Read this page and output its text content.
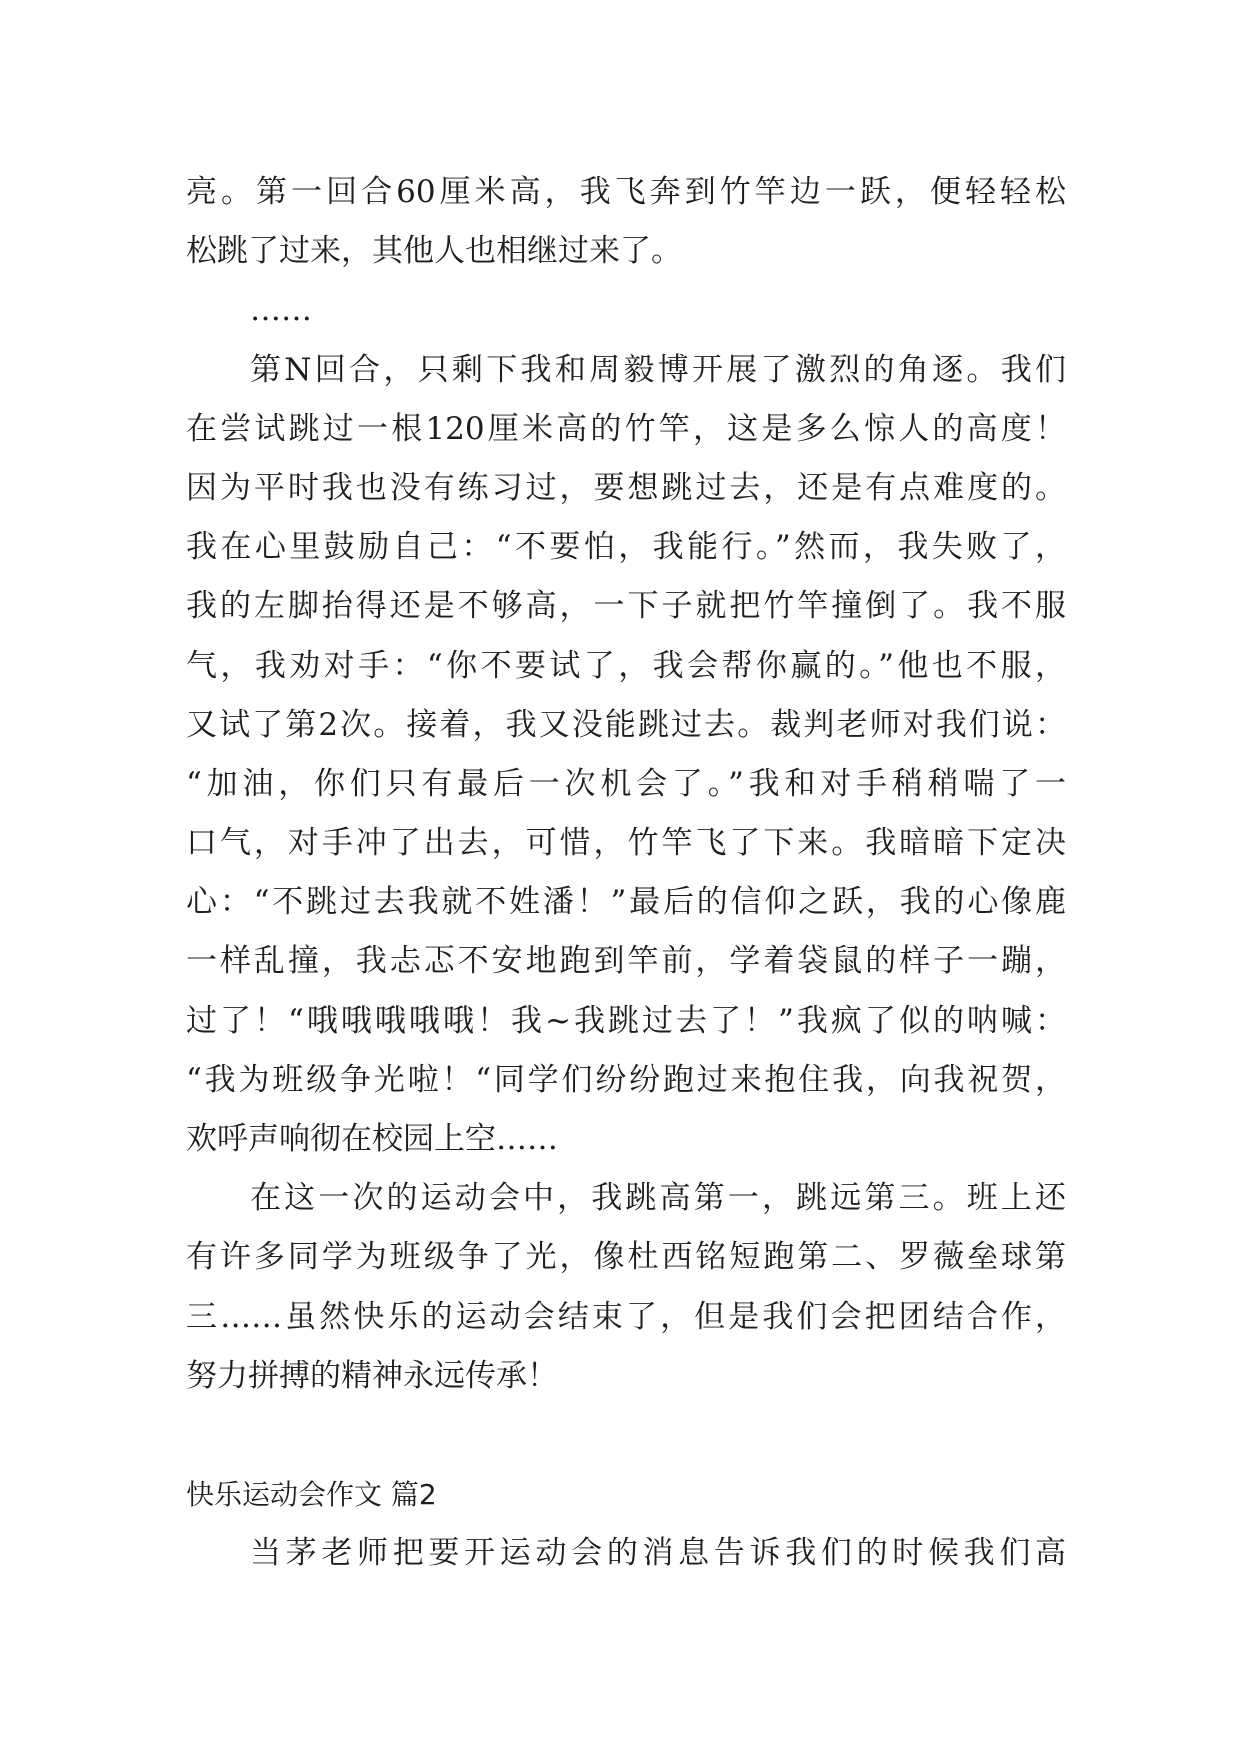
亮。第一回合60厘米高，我飞奔到竹竿边一跃，便轻轻松
松跳了过来，其他人也相继过来了。
……
第N回合，只剩下我和周毅博开展了激烈的角逐。我们
在尝试跳过一根120厘米高的竹竿，这是多么惊人的高度！
因为平时我也没有练习过，要想跳过去，还是有点难度的。
我在心里鼓励自己：“不要怕，我能行。”然而，我失败了，
我的左脚抬得还是不够高，一下子就把竹竿撞倒了。我不服
气，我劝对手：“你不要试了，我会帮你赢的。”他也不服，
又试了第2次。接着，我又没能跳过去。裁判老师对我们说：
“加油，你们只有最后一次机会了。”我和对手稍稍喘了一
口气，对手冲了出去，可惜，竹竿飞了下来。我暗暗下定决
心：“不跳过去我就不姓潘！”最后的信仰之跃，我的心像鹿
一样乱撞，我忐忑不安地跑到竿前，学着袋鼠的样子一蹦，
过了！“哦哦哦哦哦！我~我跳过去了！”我疯了似的呐喊：
“我为班级争光啦！“同学们纷纷跑过来抱住我，向我祝贺，
欢呼声响彻在校园上空……
在这一次的运动会中，我跳高第一，跳远第三。班上还
有许多同学为班级争了光，像杜西铭短跑第二、罗薇垒球第
三……虽然快乐的运动会结束了，但是我们会把团结合作，
努力拼搏的精神永远传承！
快乐运动会作文 篇2
当茅老师把要开运动会的消息告诉我们的时候我们高
